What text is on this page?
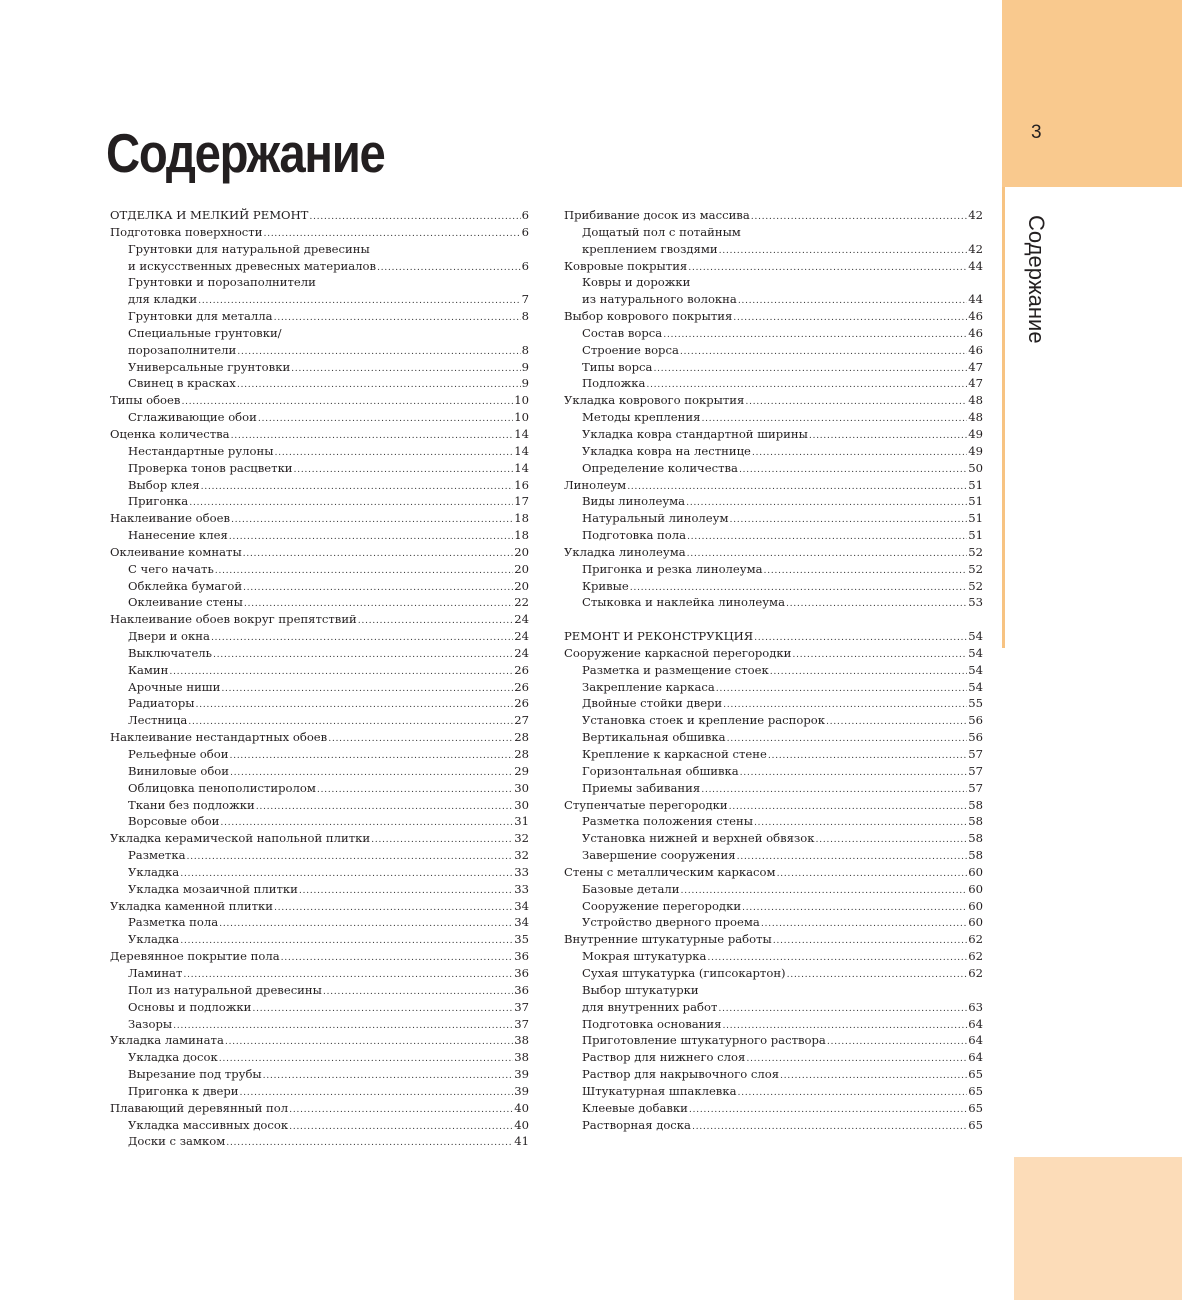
Содержание
ОТДЕЛКА И МЕЛКИЙ РЕМОНТ .....	6
Подготовка поверхности .....	6
Грунтовки для натуральной древесины
и искусственных древесных материалов .....	6
Грунтовки и порозаполнители
для кладки .....	7
Грунтовки для металла .....	8
Специальные грунтовки/
порозаполнители .....	8
Универсальные грунтовки .....	9
Свинец в красках .....	9
Типы обоев .....	10
Сглаживающие обои .....	10
Оценка количества .....	14
Нестандартные рулоны .....	14
Проверка тонов расцветки .....	14
Выбор клея .....	16
Пригонка .....	17
Наклеивание обоев .....	18
Нанесение клея .....	18
Оклеивание комнаты .....	20
С чего начать .....	20
Обклейка бумагой .....	20
Оклеивание стены .....	22
Наклеивание обоев вокруг препятствий .....	24
Двери и окна .....	24
Выключатель .....	24
Камин .....	26
Арочные ниши .....	26
Радиаторы .....	26
Лестница .....	27
Наклеивание нестандартных обоев .....	28
Рельефные обои .....	28
Виниловые обои .....	29
Облицовка пенополистиролом .....	30
Ткани без подложки .....	30
Ворсовые обои .....	31
Укладка керамической напольной плитки .....	32
Разметка .....	32
Укладка .....	33
Укладка мозаичной плитки .....	33
Укладка каменной плитки .....	34
Разметка пола .....	34
Укладка .....	35
Деревянное покрытие пола .....	36
Ламинат .....	36
Пол из натуральной древесины .....	36
Основы и подложки .....	37
Зазоры .....	37
Укладка ламината .....	38
Укладка досок .....	38
Вырезание под трубы .....	39
Пригонка к двери .....	39
Плавающий деревянный пол .....	40
Укладка массивных досок .....	40
Доски с замком .....	41
Прибивание досок из массива .....	42
Дощатый пол с потайным
креплением гвоздями .....	42
Ковровые покрытия .....	44
Ковры и дорожки
из натурального волокна .....	44
Выбор коврового покрытия .....	46
Состав ворса .....	46
Строение ворса .....	46
Типы ворса .....	47
Подложка .....	47
Укладка коврового покрытия .....	48
Методы крепления .....	48
Укладка ковра стандартной ширины .....	49
Укладка ковра на лестнице .....	49
Определение количества .....	50
Линолеум .....	51
Виды линолеума .....	51
Натуральный линолеум .....	51
Подготовка пола .....	51
Укладка линолеума .....	52
Пригонка и резка линолеума .....	52
Кривые .....	52
Стыковка и наклейка линолеума .....	53
РЕМОНТ И РЕКОНСТРУКЦИЯ .....	54
Сооружение каркасной перегородки .....	54
Разметка и размещение стоек .....	54
Закрепление каркаса .....	54
Двойные стойки двери .....	55
Установка стоек и крепление распорок .....	56
Вертикальная обшивка .....	56
Крепление к каркасной стене .....	57
Горизонтальная обшивка .....	57
Приемы забивания .....	57
Ступенчатые перегородки .....	58
Разметка положения стены .....	58
Установка нижней и верхней обвязок .....	58
Завершение сооружения .....	58
Стены с металлическим каркасом .....	60
Базовые детали .....	60
Сооружение перегородки .....	60
Устройство дверного проема .....	60
Внутренние штукатурные работы .....	62
Мокрая штукатурка .....	62
Сухая штукатурка (гипсокартон) .....	62
Выбор штукатурки
для внутренних работ .....	63
Подготовка основания .....	64
Приготовление штукатурного раствора .....	64
Раствор для нижнего слоя .....	64
Раствор для накрывочного слоя .....	65
Штукатурная шпаклевка .....	65
Клеевые добавки .....	65
Растворная доска .....	65
3
Содержание
